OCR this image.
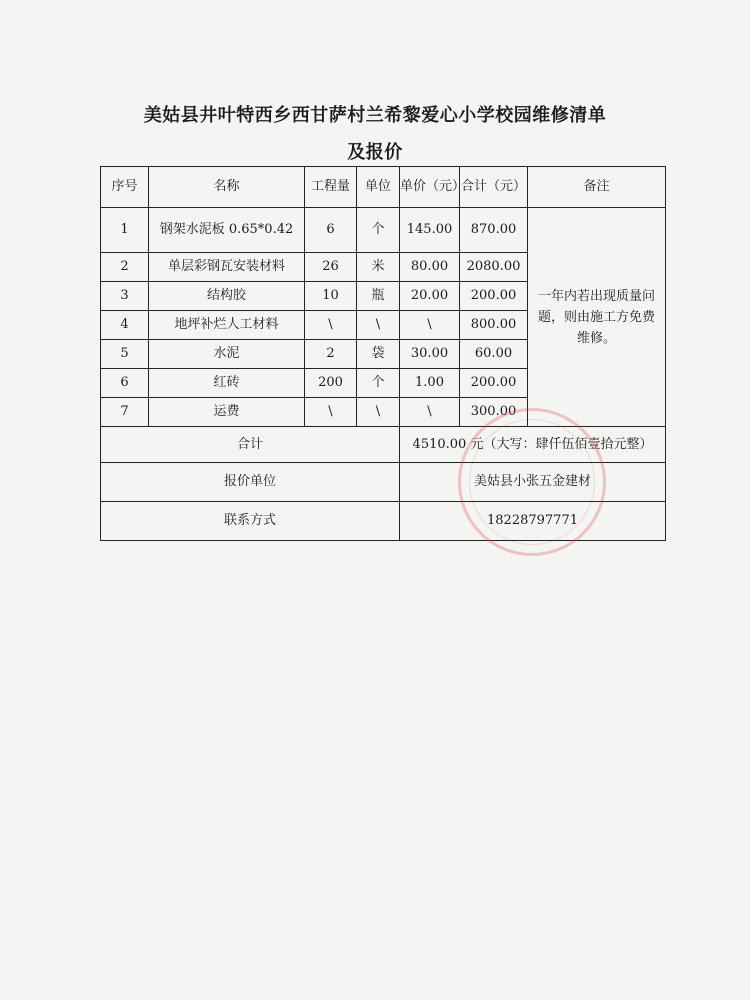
美姑县井叶特西乡西甘萨村兰希黎爱心小学校园维修清单
及报价
序号	名称	工程量	单位	单价（元）	合计（元）	备注
1	钢架水泥板 0.65*0.42	6	个	145.00	870.00	一年内若出现质量问题，则由施工方免费维修。
2	单层彩钢瓦安装材料	26	米	80.00	2080.00	
3	结构胶	10	瓶	20.00	200.00	
4	地坪补烂人工材料	\	\	\	800.00	
5	水泥	2	袋	30.00	60.00	
6	红砖	200	个	1.00	200.00	
7	运费	\	\	\	300.00	
合计				4510.00 元（大写：肆仟伍佰壹拾元整）		
报价单位				美姑县小张五金建材		
联系方式				18228797771		
